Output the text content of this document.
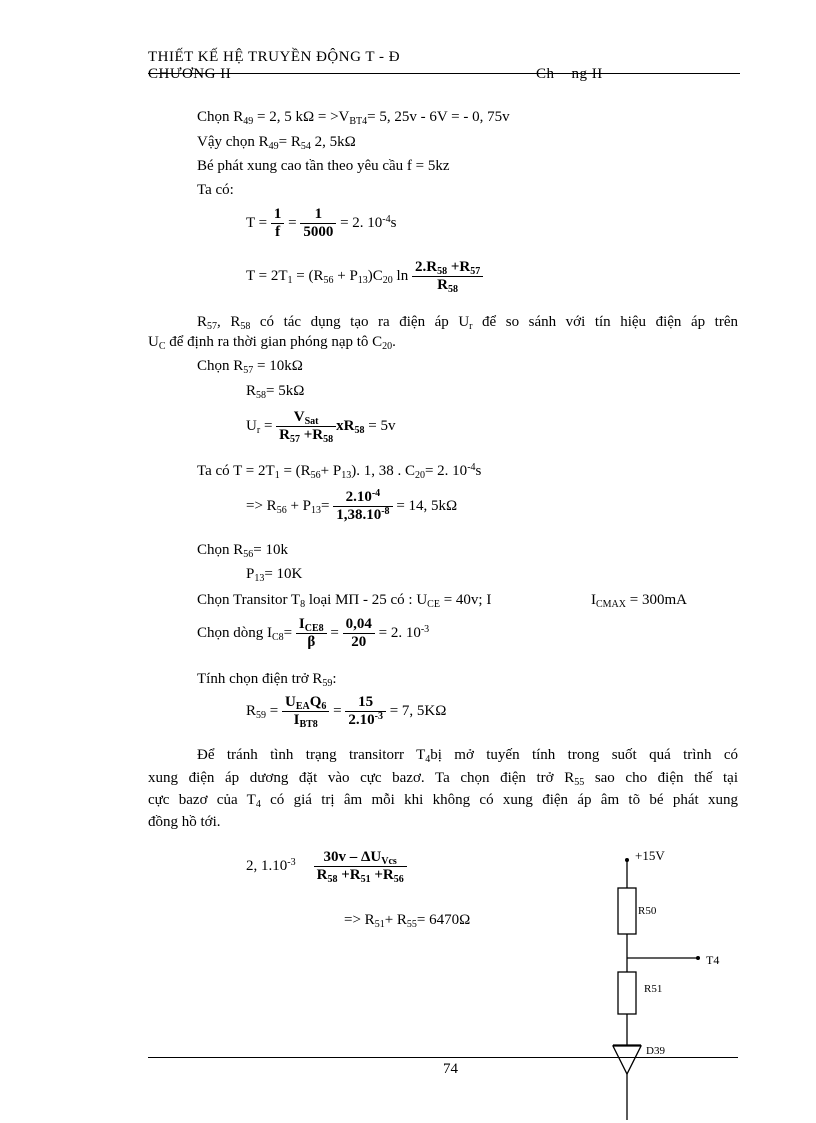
THIẾT KẾ HỆ TRUYỀN ĐỘNG T - Đ
CHƯƠNG II	Ch    ng II
Chọn $R_{49} = 2$, 5 $k\Omega = >V_{BT4}= 5$, 25v - 6V = - 0, 75v
Vậy chọn $R_{49}= R_{54}$ 2, 5kΩ
Bé phát xung cao tần theo yêu cầu f = 5kz
Ta có:
$T = \frac{1}{f} = \frac{1}{5000} = 2$. $10^{-4}s$
$T = 2T_1 = (R_{56} + P_{13})C_{20}$ $\ln \frac{2.R_{58} +R_{57}}{R_{58}}$
$R_{57}$, $R_{58}$ có tác dụng tạo ra điện áp $U_r$ để so sánh với tín hiệu điện áp trên
$U_C$ để định ra thời gian phóng nạp tô $C_{20}$.
Chọn $R_{57} = 10k\Omega$
$R_{58}= 5k\Omega$
$U_r = \frac{V_{Sat}}{R_{57} +R_{58}} xR_{58} = 5v$
Ta có $T = 2T_1 = (R_{56}+ P_{13})$. 1, 38 . $C_{20}= 2$. $10^{-4}s$
=> $R_{56} + P_{13}= \frac{2.10^{-4}}{1,38.10^{-8}} = 14$, 5kΩ
Chọn $R_{56}= 10k$
$P_{13}= 10K$
Chọn Transitor $T_8$ loại MΠ - 25 có : $U_{CE} = 40v$; I	$I_{CMAX} = 300mA$
Chọn dòng $I_{C8}= \frac{I_{CE8}}{\beta} = \frac{0,04}{20} = 2$. $10^{-3}$
Tính chọn điện trở $R_{59}$:
$R_{59} = \frac{U_{EA}Q_6}{I_{BT8}} = \frac{15}{2.10^{-3}} = 7$, 5KΩ
Để tránh tình trạng transitorr $T_4bị$ mở tuyến tính trong suốt quá trình có
xung điện áp dương đặt vào cực bazơ. Ta chọn điện trở $R_{55}$ sao cho điện thế tại
cực bazơ của $T_4$ có giá trị âm mỗi khi không có xung điện áp âm tõ bé phát xung
đồng hồ tới.
2, $1.10^{-3} \frac{30v - \Delta U_{Vcs}}{R_{58} +R_{51} +R_{56}}$
=> $R_{51}+ R_{55}= 6470\Omega$
+15V
R50
T4
R51
D39
74
